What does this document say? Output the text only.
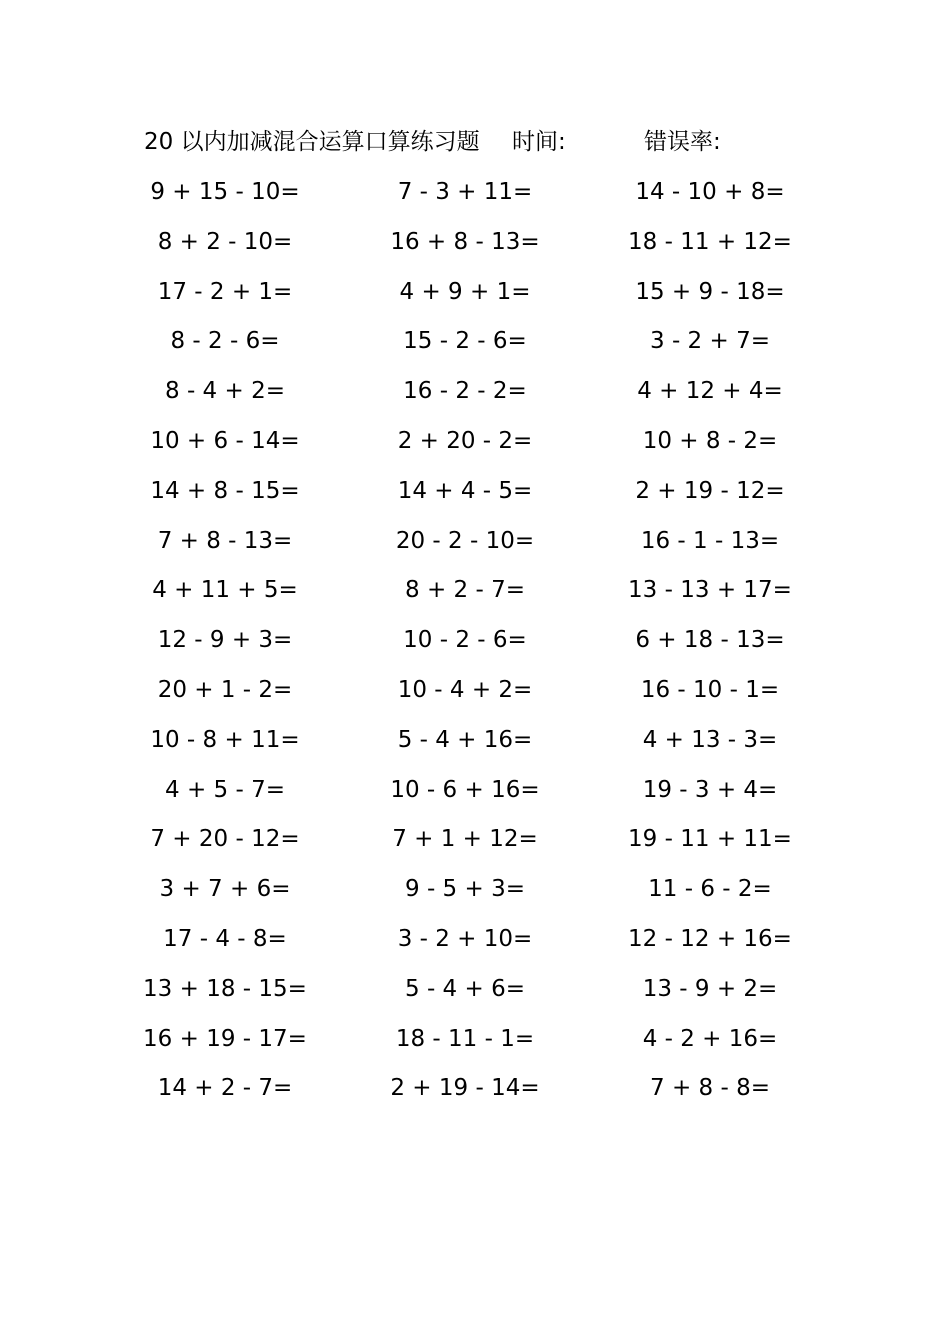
20 以内加减混合运算口算练习题 时间:	错误率:
9 + 15 - 10=	7 - 3 + 11=	14 - 10 + 8=
8 + 2 - 10=	16 + 8 - 13=	18 - 11 + 12=
17 - 2 + 1=	4 + 9 + 1=	15 + 9 - 18=
8 - 2 - 6=	15 - 2 - 6=	3 - 2 + 7=
8 - 4 + 2=	16 - 2 - 2=	4 + 12 + 4=
10 + 6 - 14=	2 + 20 - 2=	10 + 8 - 2=
14 + 8 - 15=	14 + 4 - 5=	2 + 19 - 12=
7 + 8 - 13=	20 - 2 - 10=	16 - 1 - 13=
4 + 11 + 5=	8 + 2 - 7=	13 - 13 + 17=
12 - 9 + 3=	10 - 2 - 6=	6 + 18 - 13=
20 + 1 - 2=	10 - 4 + 2=	16 - 10 - 1=
10 - 8 + 11=	5 - 4 + 16=	4 + 13 - 3=
4 + 5 - 7=	10 - 6 + 16=	19 - 3 + 4=
7 + 20 - 12=	7 + 1 + 12=	19 - 11 + 11=
3 + 7 + 6=	9 - 5 + 3=	11 - 6 - 2=
17 - 4 - 8=	3 - 2 + 10=	12 - 12 + 16=
13 + 18 - 15=	5 - 4 + 6=	13 - 9 + 2=
16 + 19 - 17=	18 - 11 - 1=	4 - 2 + 16=
14 + 2 - 7=	2 + 19 - 14=	7 + 8 - 8=
